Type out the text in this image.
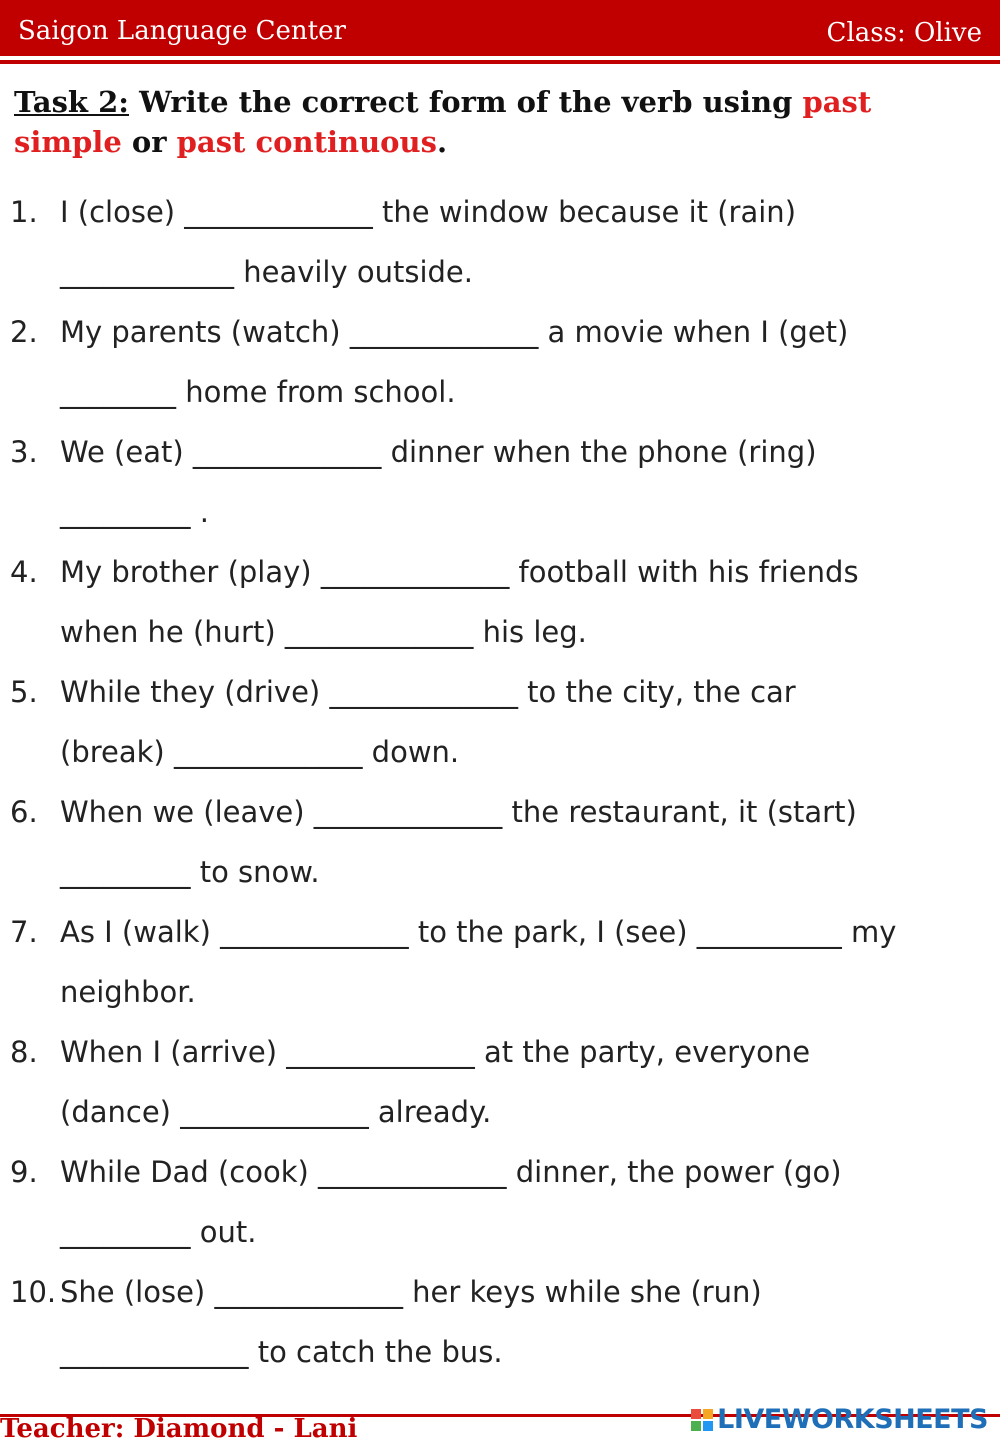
Saigon Language Center	Class: Olive
Task 2: Write the correct form of the verb using past simple or past continuous.
1. I (close) _____________ the window because it (rain)
____________ heavily outside.
2. My parents (watch) _____________ a movie when I (get)
________ home from school.
3. We (eat) _____________ dinner when the phone (ring)
_________ .
4. My brother (play) _____________ football with his friends
when he (hurt) _____________ his leg.
5. While they (drive) _____________ to the city, the car
(break) _____________ down.
6. When we (leave) _____________ the restaurant, it (start)
_________ to snow.
7. As I (walk) _____________ to the park, I (see) __________ my
neighbor.
8. When I (arrive) _____________ at the party, everyone
(dance) _____________ already.
9. While Dad (cook) _____________ dinner, the power (go)
_________ out.
10. She (lose) _____________ her keys while she (run)
_____________ to catch the bus.
Teacher: Diamond - Lani	LIVEWORKSHEETS
